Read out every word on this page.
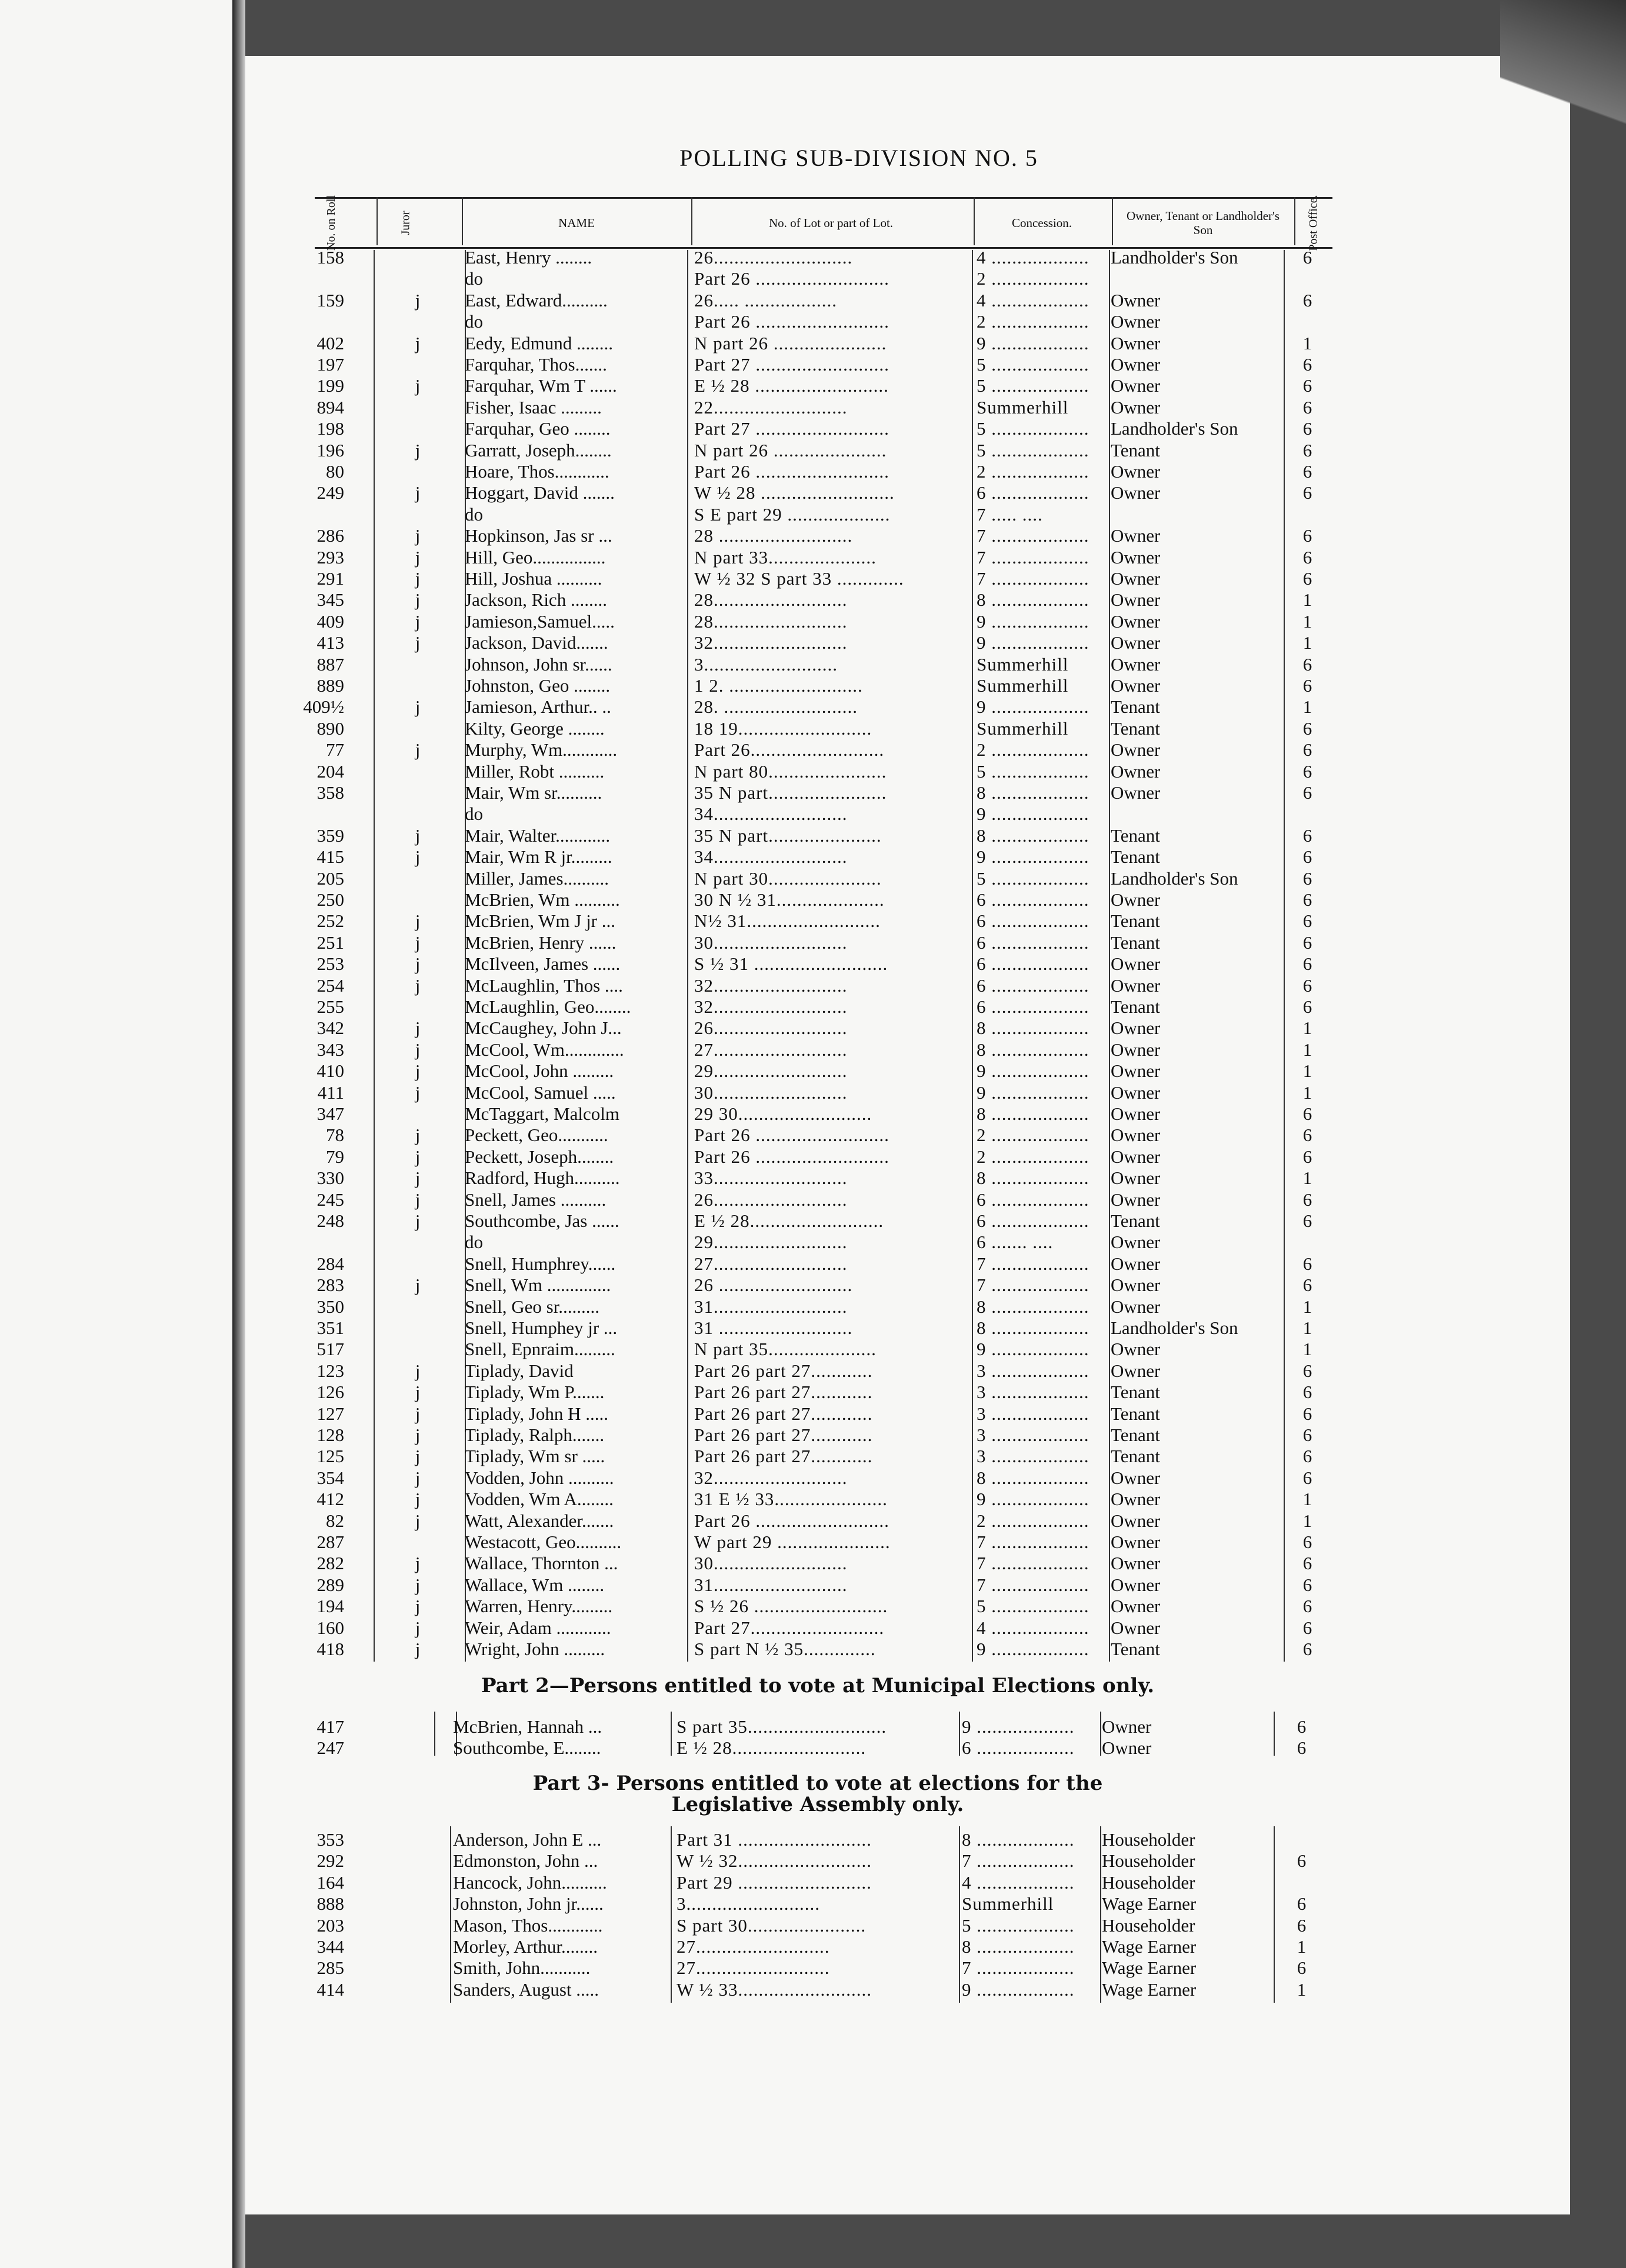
POLLING SUB-DIVISION NO. 5
No. on Roll	Juror	NAME	No. of Lot or part of Lot.	Concession.	Owner, Tenant or Landholder's Son	Post Office.
158	East, Henry ........	26...........................	4 ...................	Landholder's Son	6
do	Part 26 ..........................	2 ...................
159	j	East, Edward..........	26..... ..................	4 ...................	Owner	6
do	Part 26 ..........................	2 ...................	Owner
402	j	Eedy, Edmund ........	N part 26 ......................	9 ...................	Owner	1
197	Farquhar, Thos.......	Part 27 ..........................	5 ...................	Owner	6
199	j	Farquhar, Wm T ......	E ½ 28 ..........................	5 ...................	Owner	6
894	Fisher, Isaac .........	22..........................	Summerhill	Owner	6
198	Farquhar, Geo ........	Part 27 ..........................	5 ...................	Landholder's Son	6
196	j	Garratt, Joseph........	N part 26 ......................	5 ...................	Tenant	6
80	Hoare, Thos............	Part 26 ..........................	2 ...................	Owner	6
249	j	Hoggart, David .......	W ½ 28 ..........................	6 ...................	Owner	6
do	S E part 29 ....................	7 ..... ....
286	j	Hopkinson, Jas sr ...	28 ..........................	7 ...................	Owner	6
293	j	Hill, Geo................	N part 33.....................	7 ...................	Owner	6
291	j	Hill, Joshua ..........	W ½ 32 S part 33 .............	7 ...................	Owner	6
345	j	Jackson, Rich ........	28..........................	8 ...................	Owner	1
409	j	Jamieson,Samuel.....	28..........................	9 ...................	Owner	1
413	j	Jackson, David.......	32..........................	9 ...................	Owner	1
887	Johnson, John sr......	3..........................	Summerhill	Owner	6
889	Johnston, Geo ........	1 2. ..........................	Summerhill	Owner	6
409½	j	Jamieson, Arthur.. ..	28. ..........................	9 ...................	Tenant	1
890	Kilty, George ........	18 19..........................	Summerhill	Tenant	6
77	j	Murphy, Wm............	Part 26..........................	2 ...................	Owner	6
204	Miller, Robt ..........	N part 80.......................	5 ...................	Owner	6
358	Mair, Wm sr..........	35 N part.......................	8 ...................	Owner	6
do	34..........................	9 ...................
359	j	Mair, Walter............	35 N part......................	8 ...................	Tenant	6
415	j	Mair, Wm R jr.........	34..........................	9 ...................	Tenant	6
205	Miller, James..........	N part 30......................	5 ...................	Landholder's Son	6
250	McBrien, Wm ..........	30 N ½ 31.....................	6 ...................	Owner	6
252	j	McBrien, Wm J jr ...	N½ 31..........................	6 ...................	Tenant	6
251	j	McBrien, Henry ......	30..........................	6 ...................	Tenant	6
253	j	McIlveen, James ......	S ½ 31 ..........................	6 ...................	Owner	6
254	j	McLaughlin, Thos ....	32..........................	6 ...................	Owner	6
255	McLaughlin, Geo........	32..........................	6 ...................	Tenant	6
342	j	McCaughey, John J...	26..........................	8 ...................	Owner	1
343	j	McCool, Wm.............	27..........................	8 ...................	Owner	1
410	j	McCool, John .........	29..........................	9 ...................	Owner	1
411	j	McCool, Samuel .....	30..........................	9 ...................	Owner	1
347	McTaggart, Malcolm	29 30..........................	8 ...................	Owner	6
78	j	Peckett, Geo...........	Part 26 ..........................	2 ...................	Owner	6
79	j	Peckett, Joseph........	Part 26 ..........................	2 ...................	Owner	6
330	j	Radford, Hugh..........	33..........................	8 ...................	Owner	1
245	j	Snell, James ..........	26..........................	6 ...................	Owner	6
248	j	Southcombe, Jas ......	E ½ 28..........................	6 ...................	Tenant	6
do	29..........................	6 ....... ....	Owner
284	Snell, Humphrey......	27..........................	7 ...................	Owner	6
283	j	Snell, Wm ..............	26 ..........................	7 ...................	Owner	6
350	Snell, Geo sr.........	31..........................	8 ...................	Owner	1
351	Snell, Humphey jr ...	31 ..........................	8 ...................	Landholder's Son	1
517	Snell, Epnraim.........	N part 35.....................	9 ...................	Owner	1
123	j	Tiplady, David	Part 26 part 27............	3 ...................	Owner	6
126	j	Tiplady, Wm P.......	Part 26 part 27............	3 ...................	Tenant	6
127	j	Tiplady, John H .....	Part 26 part 27............	3 ...................	Tenant	6
128	j	Tiplady, Ralph.......	Part 26 part 27............	3 ...................	Tenant	6
125	j	Tiplady, Wm sr .....	Part 26 part 27............	3 ...................	Tenant	6
354	j	Vodden, John ..........	32..........................	8 ...................	Owner	6
412	j	Vodden, Wm A........	31 E ½ 33......................	9 ...................	Owner	1
82	j	Watt, Alexander.......	Part 26 ..........................	2 ...................	Owner	1
287	Westacott, Geo..........	W part 29 ......................	7 ...................	Owner	6
282	j	Wallace, Thornton ...	30..........................	7 ...................	Owner	6
289	j	Wallace, Wm ........	31..........................	7 ...................	Owner	6
194	j	Warren, Henry.........	S ½ 26 ..........................	5 ...................	Owner	6
160	j	Weir, Adam ............	Part 27..........................	4 ...................	Owner	6
418	j	Wright, John .........	S part N ½ 35..............	9 ...................	Tenant	6
Part 2—Persons entitled to vote at Municipal Elections only.
417	McBrien, Hannah ...	S part 35...........................	9 ...................	Owner	6
247	Southcombe, E........	E ½ 28..........................	6 ...................	Owner	6
Part 3- Persons entitled to vote at elections for the
Legislative Assembly only.
353	Anderson, John E ...	Part 31 ..........................	8 ...................	Householder
292	Edmonston, John ...	W ½ 32..........................	7 ...................	Householder	6
164	Hancock, John..........	Part 29 ..........................	4 ...................	Householder
888	Johnston, John jr......	3..........................	Summerhill	Wage Earner	6
203	Mason, Thos............	S part 30.......................	5 ...................	Householder	6
344	Morley, Arthur........	27..........................	8 ...................	Wage Earner	1
285	Smith, John...........	27..........................	7 ...................	Wage Earner	6
414	Sanders, August .....	W ½ 33..........................	9 ...................	Wage Earner	1
